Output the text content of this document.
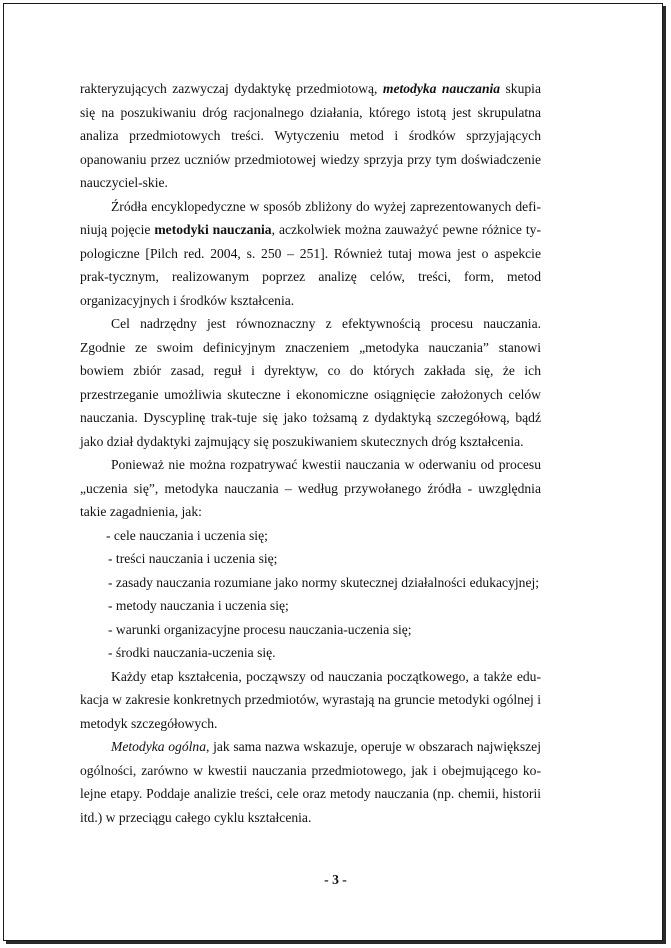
rakteryzujących zazwyczaj dydaktykę przedmiotową, metodyka nauczania skupia się na poszukiwaniu dróg racjonalnego działania, którego istotą jest skrupulatna analiza przedmiotowych treści. Wytyczeniu metod i środków sprzyjających opanowaniu przez uczniów przedmiotowej wiedzy sprzyja przy tym doświadczenie nauczyciel-skie.

Źródła encyklopedyczne w sposób zbliżony do wyżej zaprezentowanych defi-niują pojęcie metodyki nauczania, aczkolwiek można zauważyć pewne różnice ty-pologiczne [Pilch red. 2004, s. 250 – 251]. Również tutaj mowa jest o aspekcie prak-tycznym, realizowanym poprzez analizę celów, treści, form, metod organizacyjnych i środków kształcenia.

Cel nadrzędny jest równoznaczny z efektywnością procesu nauczania. Zgodnie ze swoim definicyjnym znaczeniem „metodyka nauczania” stanowi bowiem zbiór zasad, reguł i dyrektyw, co do których zakłada się, że ich przestrzeganie umożliwia skuteczne i ekonomiczne osiągnięcie założonych celów nauczania. Dyscyplinę trak-tuje się jako tożsamą z dydaktyką szczegółową, bądź jako dział dydaktyki zajmujący się poszukiwaniem skutecznych dróg kształcenia.

Ponieważ nie można rozpatrywać kwestii nauczania w oderwaniu od procesu „uczenia się”, metodyka nauczania – według przywołanego źródła - uwzględnia takie zagadnienia, jak:

- cele nauczania i uczenia się;
- treści nauczania i uczenia się;
- zasady nauczania rozumiane jako normy skutecznej działalności edukacyjnej;
- metody nauczania i uczenia się;
- warunki organizacyjne procesu nauczania-uczenia się;
- środki nauczania-uczenia się.

Każdy etap kształcenia, począwszy od nauczania początkowego, a także edu-kacja w zakresie konkretnych przedmiotów, wyrastają na gruncie metodyki ogólnej i metodyk szczegółowych.

Metodyka ogólna, jak sama nazwa wskazuje, operuje w obszarach największej ogólności, zarówno w kwestii nauczania przedmiotowego, jak i obejmującego ko-lejne etapy. Poddaje analizie treści, cele oraz metody nauczania (np. chemii, historii itd.) w przeciągu całego cyklu kształcenia.

- 3 -
